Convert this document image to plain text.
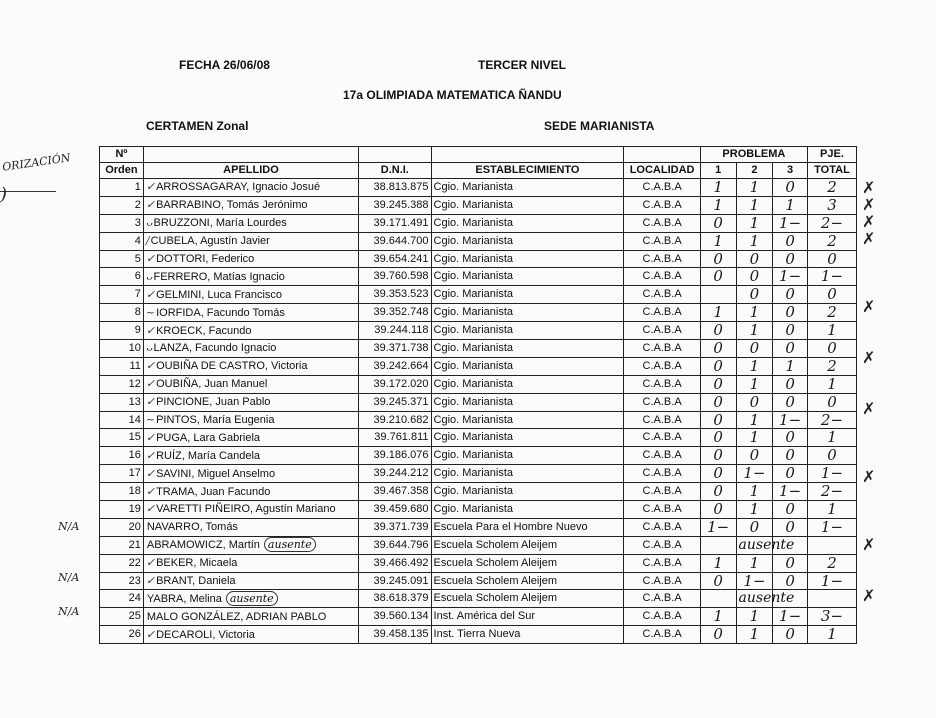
FECHA 26/06/08	TERCER NIVEL
17a OLIMPIADA MATEMATICA ÑANDU
CERTAMEN Zonal	SEDE MARIANISTA
ORIZACIÓN
)
Nº					PROBLEMA			PJE.
Orden	APELLIDO	D.N.I.	ESTABLECIMIENTO	LOCALIDAD	1	2	3	TOTAL
1	✓ARROSSAGARAY, Ignacio Josué	38.813.875	Cgio. Marianista	C.A.B.A	1	1	0	2
2	✓BARRABINO, Tomás Jerónimo	39.245.388	Cgio. Marianista	C.A.B.A	1	1	1	3
3	ᴗBRUZZONI, María Lourdes	39.171.491	Cgio. Marianista	C.A.B.A	0	1	1−	2−
4	/CUBELA, Agustín Javier	39.644.700	Cgio. Marianista	C.A.B.A	1	1	0	2
5	✓DOTTORI, Federico	39.654.241	Cgio. Marianista	C.A.B.A	0	0	0	0
6	ᴗFERRERO, Matías Ignacio	39.760.598	Cgio. Marianista	C.A.B.A	0	0	1−	1−
7	✓GELMINI, Luca Francisco	39.353.523	Cgio. Marianista	C.A.B.A		0	0	0
8	~IORFIDA, Facundo Tomás	39.352.748	Cgio. Marianista	C.A.B.A	1	1	0	2
9	✓KROECK, Facundo	39.244.118	Cgio. Marianista	C.A.B.A	0	1	0	1
10	ᴗLANZA, Facundo Ignacio	39.371.738	Cgio. Marianista	C.A.B.A	0	0	0	0
11	✓OUBIÑA DE CASTRO, Victoria	39.242.664	Cgio. Marianista	C.A.B.A	0	1	1	2
12	✓OUBIÑA, Juan Manuel	39.172.020	Cgio. Marianista	C.A.B.A	0	1	0	1
13	✓PINCIONE, Juan Pablo	39.245.371	Cgio. Marianista	C.A.B.A	0	0	0	0
14	~PINTOS, María Eugenia	39.210.682	Cgio. Marianista	C.A.B.A	0	1	1−	2−
15	✓PUGA, Lara Gabriela	39.761.811	Cgio. Marianista	C.A.B.A	0	1	0	1
16	✓RUÍZ, María Candela	39.186.076	Cgio. Marianista	C.A.B.A	0	0	0	0
17	✓SAVINI, Miguel Anselmo	39.244.212	Cgio. Marianista	C.A.B.A	0	1−	0	1−
18	✓TRAMA, Juan Facundo	39.467.358	Cgio. Marianista	C.A.B.A	0	1	1−	2−
19	✓VARETTI PIÑEIRO, Agustín Mariano	39.459.680	Cgio. Marianista	C.A.B.A	0	1	0	1
20	NAVARRO, Tomás	39.371.739	Escuela Para el Hombre Nuevo	C.A.B.A	1−	0	0	1−
21	ABRAMOWICZ, Martín ausente	39.644.796	Escuela Scholem Aleijem	C.A.B.A		ausente		
22	✓BEKER, Micaela	39.466.492	Escuela Scholem Aleijem	C.A.B.A	1	1	0	2
23	✓BRANT, Daniela	39.245.091	Escuela Scholem Aleijem	C.A.B.A	0	1−	0	1−
24	YABRA, Melina ausente	38.618.379	Escuela Scholem Aleijem	C.A.B.A		ausente		
25	MALO GONZÁLEZ, ADRIAN PABLO	39.560.134	Inst. América del Sur	C.A.B.A	1	1	1−	3−
26	✓DECAROLI, Victoria	39.458.135	Inst. Tierra Nueva	C.A.B.A	0	1	0	1
✗
✗
✗
✗
✗
✗
✗
✗
N/A
✗
N/A
✗
N/A
